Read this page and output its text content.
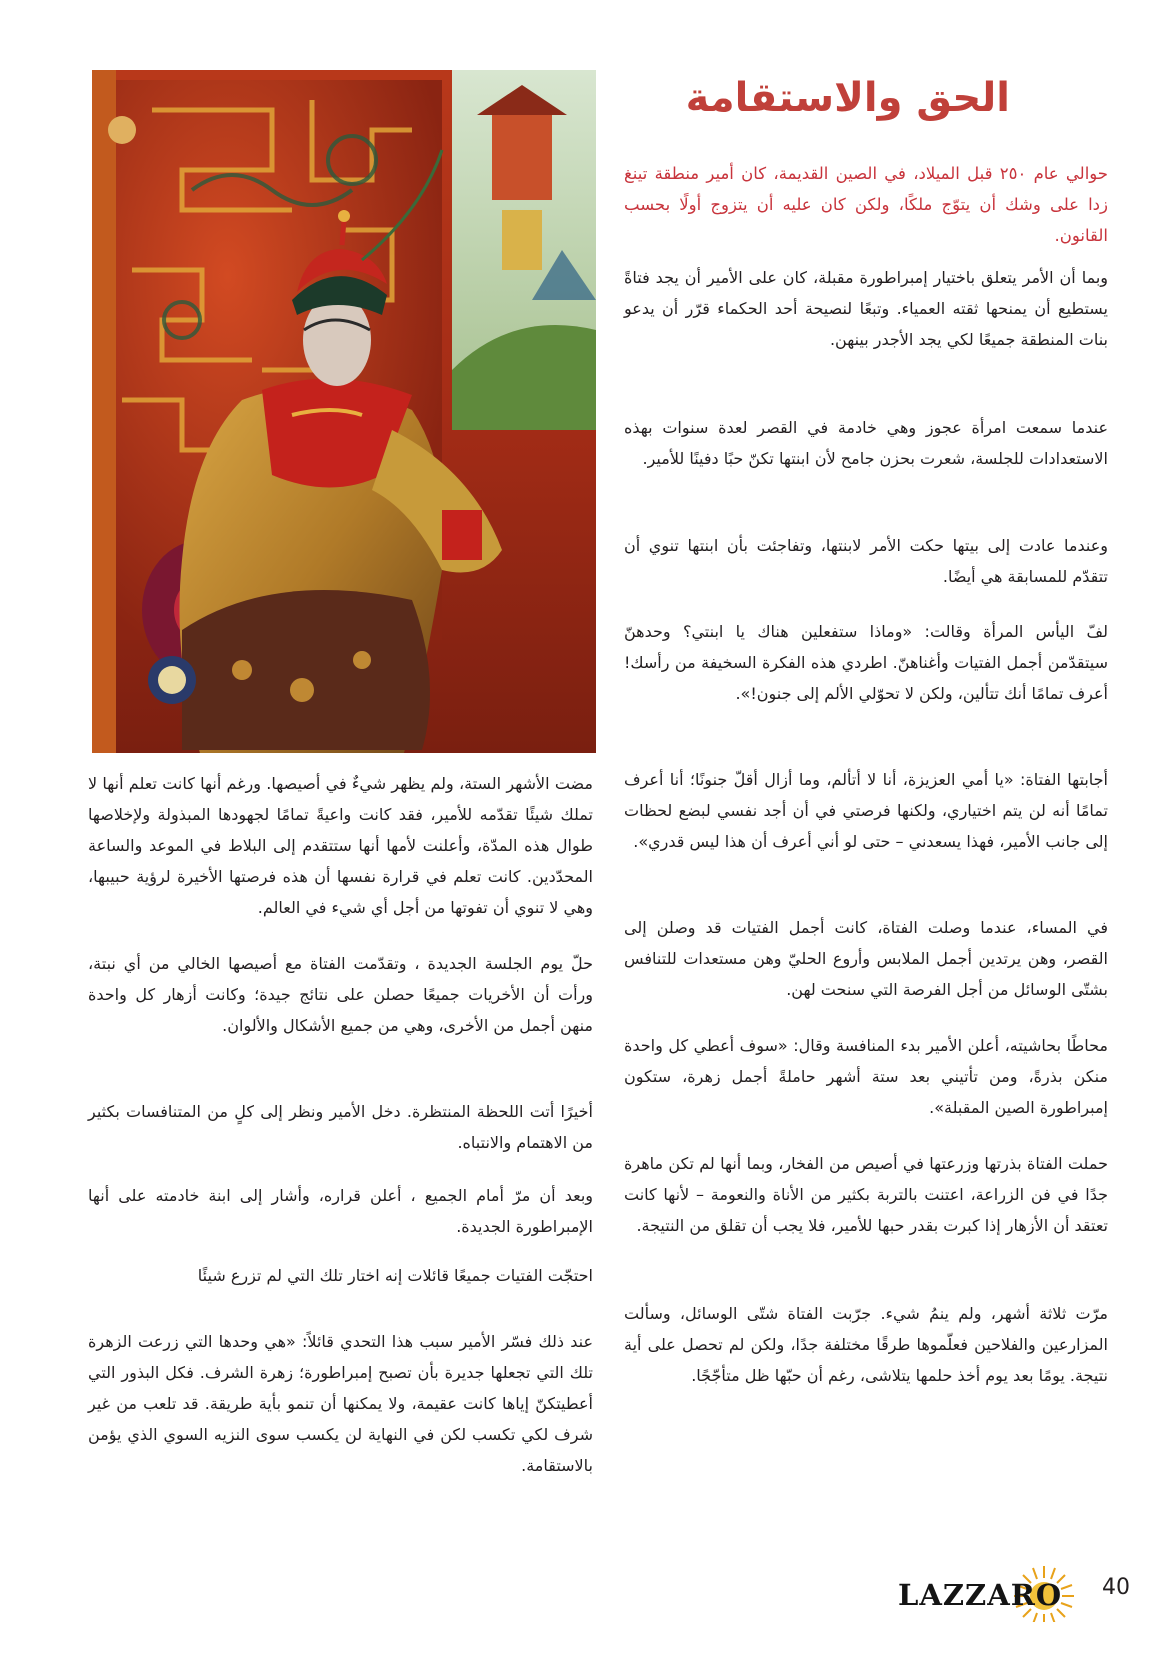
الحق والاستقامة

حوالي عام ٢٥٠ قبل الميلاد، في الصين القديمة، كان أمير منطقة تينغ زدا على وشك أن يتوّج ملكًا، ولكن كان عليه أن يتزوج أولًا بحسب القانون.

وبما أن الأمر يتعلق باختيار إمبراطورة مقبلة، كان على الأمير أن يجد فتاةً يستطيع أن يمنحها ثقته العمياء. وتبعًا لنصيحة أحد الحكماء قرّر أن يدعو بنات المنطقة جميعًا لكي يجد الأجدر بينهن.

عندما سمعت امرأة عجوز وهي خادمة في القصر لعدة سنوات بهذه الاستعدادات للجلسة، شعرت بحزن جامح لأن ابنتها تكنّ حبًا دفينًا للأمير.

وعندما عادت إلى بيتها حكت الأمر لابنتها، وتفاجئت بأن ابنتها تنوي أن تتقدّم للمسابقة هي أيضًا.

لفّ اليأس المرأة وقالت: «وماذا ستفعلين هناك يا ابنتي؟ وحدهنّ سيتقدّمن أجمل الفتيات وأغناهنّ. اطردي هذه الفكرة السخيفة من رأسك! أعرف تمامًا أنك تتألين، ولكن لا تحوّلي الألم إلى جنون!».

أجابتها الفتاة: «يا أمي العزيزة، أنا لا أتألم، وما أزال أقلّ جنونًا؛ أنا أعرف تمامًا أنه لن يتم اختياري، ولكنها فرصتي في أن أجد نفسي لبضع لحظات إلى جانب الأمير، فهذا يسعدني – حتى لو أني أعرف أن هذا ليس قدري».

في المساء، عندما وصلت الفتاة، كانت أجمل الفتيات قد وصلن إلى القصر، وهن يرتدين أجمل الملابس وأروع الحليّ وهن مستعدات للتنافس بشتّى الوسائل من أجل الفرصة التي سنحت لهن.

محاطًا بحاشيته، أعلن الأمير بدء المنافسة وقال: «سوف أعطي كل واحدة منكن بذرةً، ومن تأتيني بعد ستة أشهر حاملةً أجمل زهرة، ستكون إمبراطورة الصين المقبلة».

حملت الفتاة بذرتها وزرعتها في أصيص من الفخار، وبما أنها لم تكن ماهرة جدًا في فن الزراعة، اعتنت بالتربة بكثير من الأناة والنعومة – لأنها كانت تعتقد أن الأزهار إذا كبرت بقدر حبها للأمير، فلا يجب أن تقلق من النتيجة.

مرّت ثلاثة أشهر، ولم ينمُ شيء. جرّبت الفتاة شتّى الوسائل، وسألت المزارعين والفلاحين فعلّموها طرقًا مختلفة جدًا، ولكن لم تحصل على أية نتيجة. يومًا بعد يوم أخذ حلمها يتلاشى، رغم أن حبّها ظل متأجّجًا.

مضت الأشهر الستة، ولم يظهر شيءٌ في أصيصها. ورغم أنها كانت تعلم أنها لا تملك شيئًا تقدّمه للأمير، فقد كانت واعيةً تمامًا لجهودها المبذولة ولإخلاصها طوال هذه المدّة، وأعلنت لأمها أنها ستتقدم إلى البلاط في الموعد والساعة المحدّدين. كانت تعلم في قرارة نفسها أن هذه فرصتها الأخيرة لرؤية حبيبها، وهي لا تنوي أن تفوتها من أجل أي شيء في العالم.

حلّ يوم الجلسة الجديدة ، وتقدّمت الفتاة مع أصيصها الخالي من أي نبتة، ورأت أن الأخريات جميعًا حصلن على نتائج جيدة؛ وكانت أزهار كل واحدة منهن أجمل من الأخرى، وهي من جميع الأشكال والألوان.

أخيرًا أتت اللحظة المنتظرة. دخل الأمير ونظر إلى كلٍ من المتنافسات بكثير من الاهتمام والانتباه.

وبعد أن مرّ أمام الجميع ، أعلن قراره، وأشار إلى ابنة خادمته على أنها الإمبراطورة الجديدة.

احتجّت الفتيات جميعًا قائلات إنه اختار تلك التي لم تزرع شيئًا

عند ذلك فسّر الأمير سبب هذا التحدي قائلاً: «هي وحدها التي زرعت الزهرة تلك التي تجعلها جديرة بأن تصبح إمبراطورة؛ زهرة الشرف. فكل البذور التي أعطيتكنّ إياها كانت عقيمة، ولا يمكنها أن تنمو بأية طريقة. قد تلعب من غير شرف لكي تكسب لكن في النهاية لن يكسب سوى النزيه السوي الذي يؤمن بالاستقامة.

LAZZARO 40
